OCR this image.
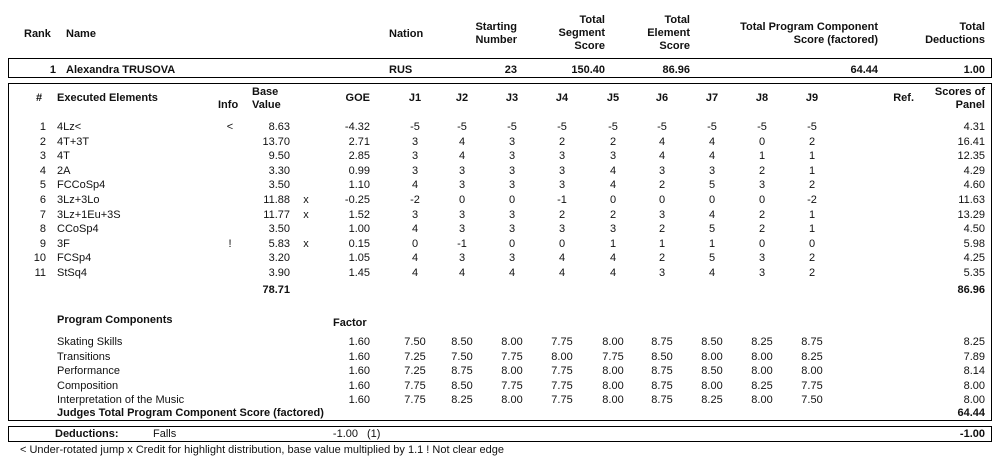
Rank	Name	Nation
Starting
Number
Total
Segment
Score
Total
Element
Score
Total Program Component
Score (factored)
Total
Deductions
1 Alexandra TRUSOVA	RUS	23	150.40	86.96	64.44	1.00
#	Executed Elements
Info
Base
Value
GOE	J1	J2	J3	J4	J5	J6	J7	J8	J9	Ref.	Scores of
Panel
1 4Lz<	<	8.63	-4.32	-5	-5	-5	-5	-5	-5	-5	-5	-5	4.31
2 4T+3T	13.70	2.71	3	4	3	2	2	4	4	0	2	16.41
3 4T	9.50	2.85	3	4	3	3	3	4	4	1	1	12.35
4 2A	3.30	0.99	3	3	3	3	4	3	3	2	1	4.29
5 FCCoSp4	3.50	1.10	4	3	3	3	4	2	5	3	2	4.60
6 3Lz+3Lo	11.88 x	-0.25	-2	0	0	-1	0	0	0	0	-2	11.63
7 3Lz+1Eu+3S	11.77 x	1.52	3	3	3	2	2	3	4	2	1	13.29
8 CCoSp4	3.50	1.00	4	3	3	3	3	2	5	2	1	4.50
9 3F	!	5.83 x	0.15	0	-1	0	0	1	1	1	0	0	5.98
10 FCSp4	3.20	1.05	4	3	3	4	4	2	5	3	2	4.25
11 StSq4	3.90	1.45	4	4	4	4	4	3	4	3	2	5.35
78.71	86.96
Program Components	Factor
Skating Skills	1.60	7.50	8.50	8.00	7.75	8.00	8.75	8.50	8.25	8.75	8.25
Transitions	1.60	7.25	7.50	7.75	8.00	7.75	8.50	8.00	8.00	8.25	7.89
Performance	1.60	7.25	8.75	8.00	7.75	8.00	8.75	8.50	8.00	8.00	8.14
Composition	1.60	7.75	8.50	7.75	7.75	8.00	8.75	8.00	8.25	7.75	8.00
Interpretation of the Music	1.60	7.75	8.25	8.00	7.75	8.00	8.75	8.25	8.00	7.50	8.00
Judges Total Program Component Score (factored)	64.44
Deductions:	Falls	-1.00 (1)	-1.00
< Under-rotated jump x Credit for highlight distribution, base value multiplied by 1.1 ! Not clear edge
